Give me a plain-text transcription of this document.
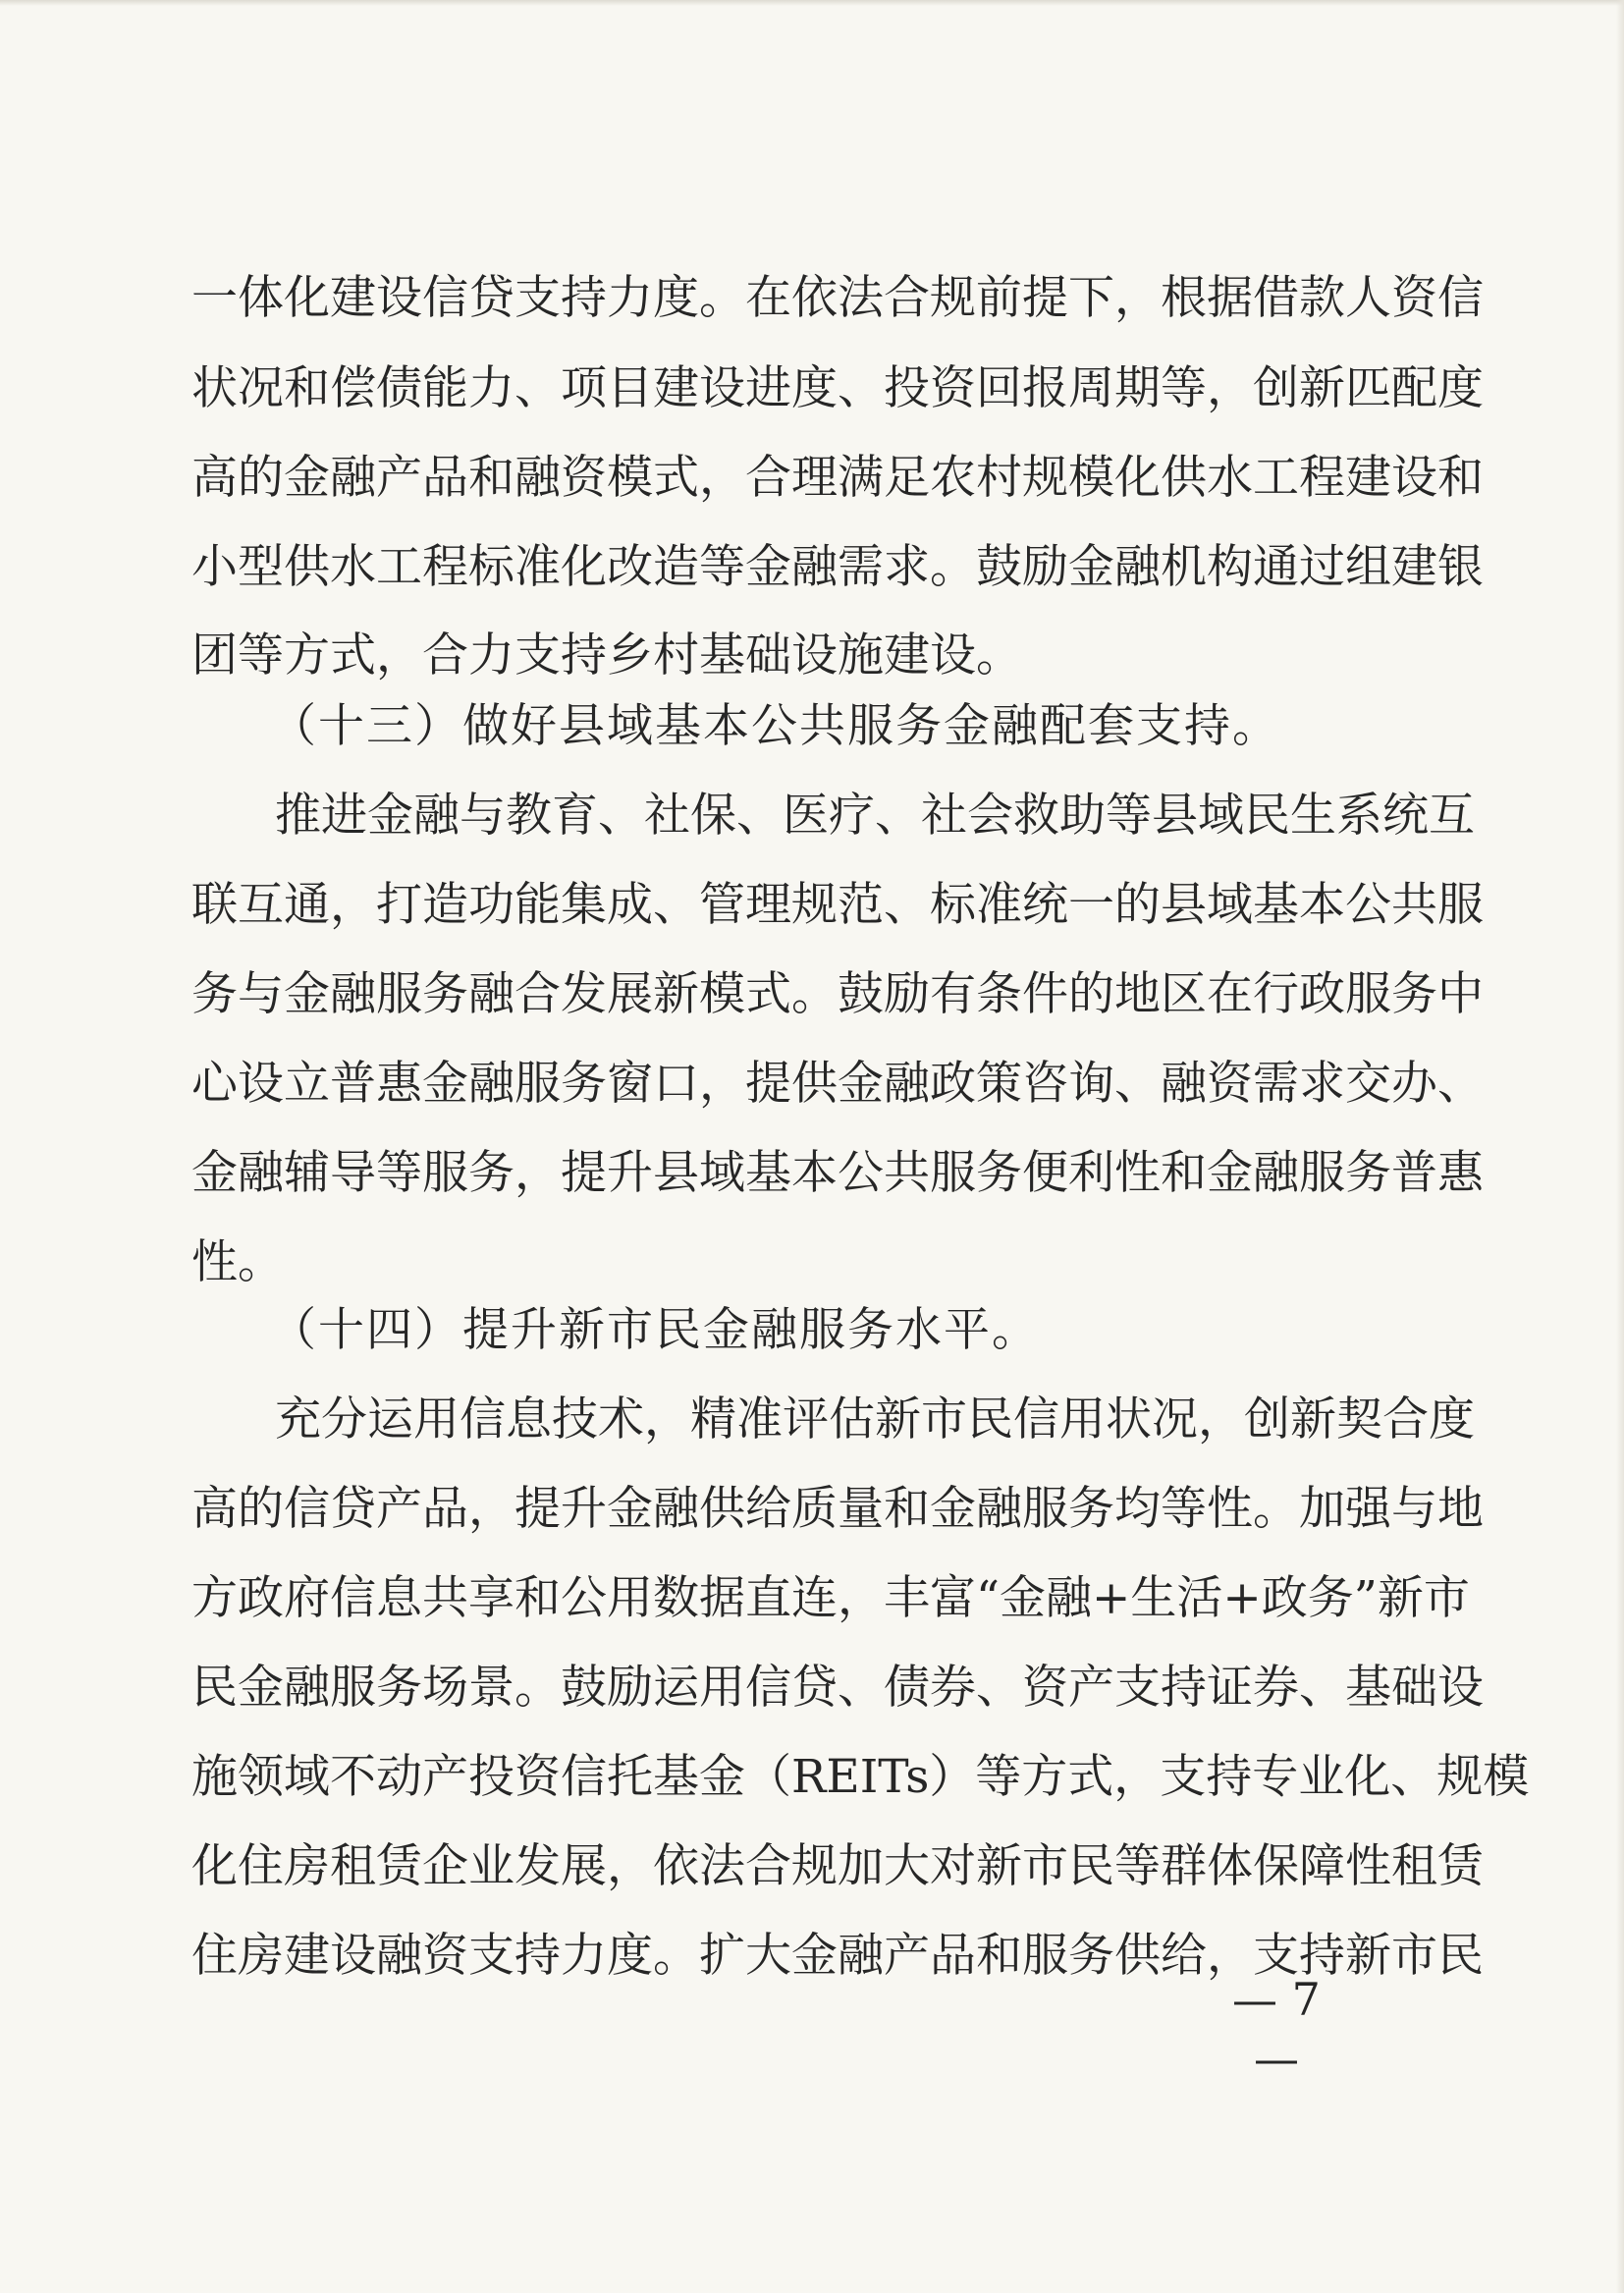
一体化建设信贷支持力度。在依法合规前提下，根据借款人资信
状况和偿债能力、项目建设进度、投资回报周期等，创新匹配度
高的金融产品和融资模式，合理满足农村规模化供水工程建设和
小型供水工程标准化改造等金融需求。鼓励金融机构通过组建银
团等方式，合力支持乡村基础设施建设。
（十三）做好县域基本公共服务金融配套支持。
推进金融与教育、社保、医疗、社会救助等县域民生系统互
联互通，打造功能集成、管理规范、标准统一的县域基本公共服
务与金融服务融合发展新模式。鼓励有条件的地区在行政服务中
心设立普惠金融服务窗口，提供金融政策咨询、融资需求交办、
金融辅导等服务，提升县域基本公共服务便利性和金融服务普惠
性。
（十四）提升新市民金融服务水平。
充分运用信息技术，精准评估新市民信用状况，创新契合度
高的信贷产品，提升金融供给质量和金融服务均等性。加强与地
方政府信息共享和公用数据直连，丰富“金融+生活+政务”新市
民金融服务场景。鼓励运用信贷、债券、资产支持证券、基础设
施领域不动产投资信托基金（REITs）等方式，支持专业化、规模
化住房租赁企业发展，依法合规加大对新市民等群体保障性租赁
住房建设融资支持力度。扩大金融产品和服务供给，支持新市民
— 7 —
